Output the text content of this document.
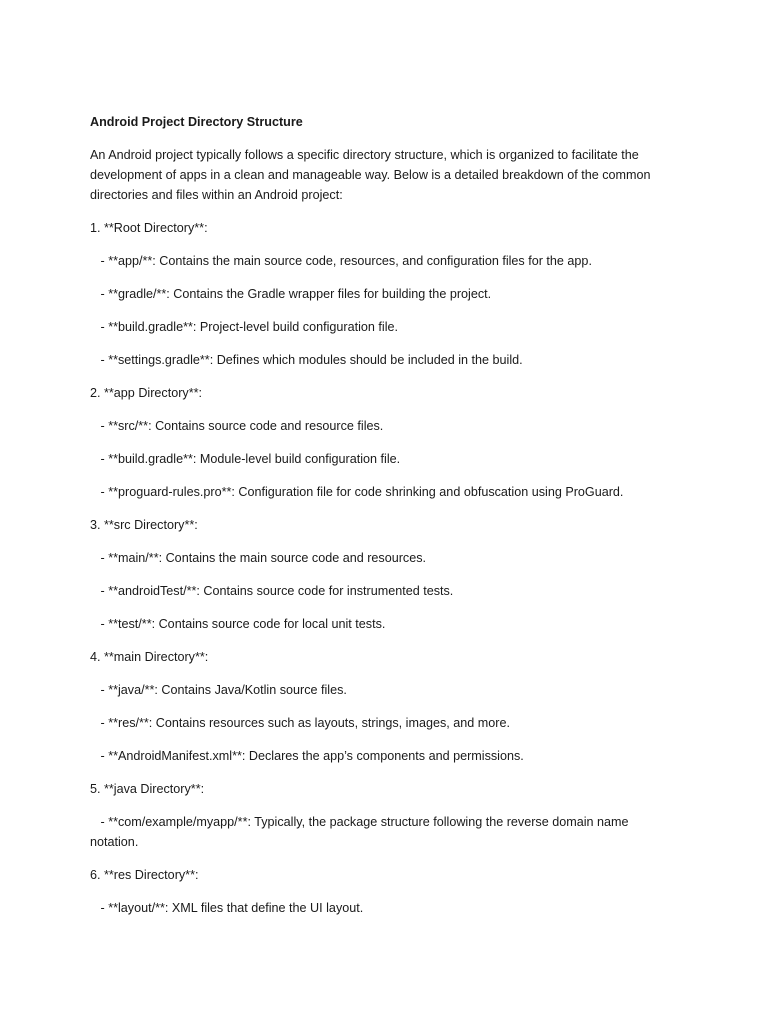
Android Project Directory Structure

An Android project typically follows a specific directory structure, which is organized to facilitate the development of apps in a clean and manageable way. Below is a detailed breakdown of the common directories and files within an Android project:

1. **Root Directory**:

- **app/**: Contains the main source code, resources, and configuration files for the app.

- **gradle/**: Contains the Gradle wrapper files for building the project.

- **build.gradle**: Project-level build configuration file.

- **settings.gradle**: Defines which modules should be included in the build.

2. **app Directory**:

- **src/**: Contains source code and resource files.

- **build.gradle**: Module-level build configuration file.

- **proguard-rules.pro**: Configuration file for code shrinking and obfuscation using ProGuard.

3. **src Directory**:

- **main/**: Contains the main source code and resources.

- **androidTest/**: Contains source code for instrumented tests.

- **test/**: Contains source code for local unit tests.

4. **main Directory**:

- **java/**: Contains Java/Kotlin source files.

- **res/**: Contains resources such as layouts, strings, images, and more.

- **AndroidManifest.xml**: Declares the app’s components and permissions.

5. **java Directory**:

- **com/example/myapp/**: Typically, the package structure following the reverse domain name notation.

6. **res Directory**:

- **layout/**: XML files that define the UI layout.
